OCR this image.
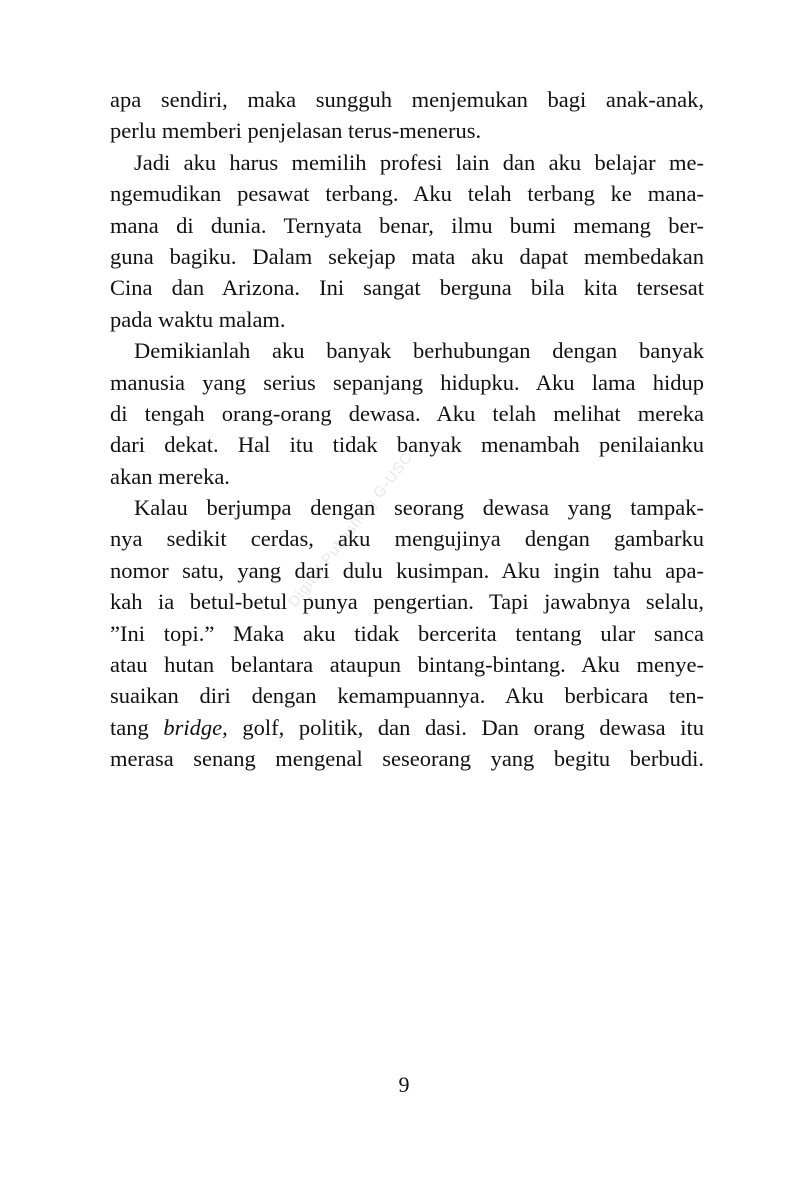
Digital Publishing G-USC
apa sendiri, maka sungguh menjemukan bagi anak-anak,
perlu memberi penjelasan terus-menerus.
Jadi aku harus memilih profesi lain dan aku belajar me-
ngemudikan pesawat terbang. Aku telah terbang ke mana-
mana di dunia. Ternyata benar, ilmu bumi memang ber-
guna bagiku. Dalam sekejap mata aku dapat membedakan
Cina dan Arizona. Ini sangat berguna bila kita tersesat
pada waktu malam.
Demikianlah aku banyak berhubungan dengan banyak
manusia yang serius sepanjang hidupku. Aku lama hidup
di tengah orang-orang dewasa. Aku telah melihat mereka
dari dekat. Hal itu tidak banyak menambah penilaianku
akan mereka.
Kalau berjumpa dengan seorang dewasa yang tampak-
nya sedikit cerdas, aku mengujinya dengan gambarku
nomor satu, yang dari dulu kusimpan. Aku ingin tahu apa-
kah ia betul-betul punya pengertian. Tapi jawabnya selalu,
”Ini topi.” Maka aku tidak bercerita tentang ular sanca
atau hutan belantara ataupun bintang-bintang. Aku menye-
suaikan diri dengan kemampuannya. Aku berbicara ten-
tang bridge, golf, politik, dan dasi. Dan orang dewasa itu
merasa senang mengenal seseorang yang begitu berbudi.
9
